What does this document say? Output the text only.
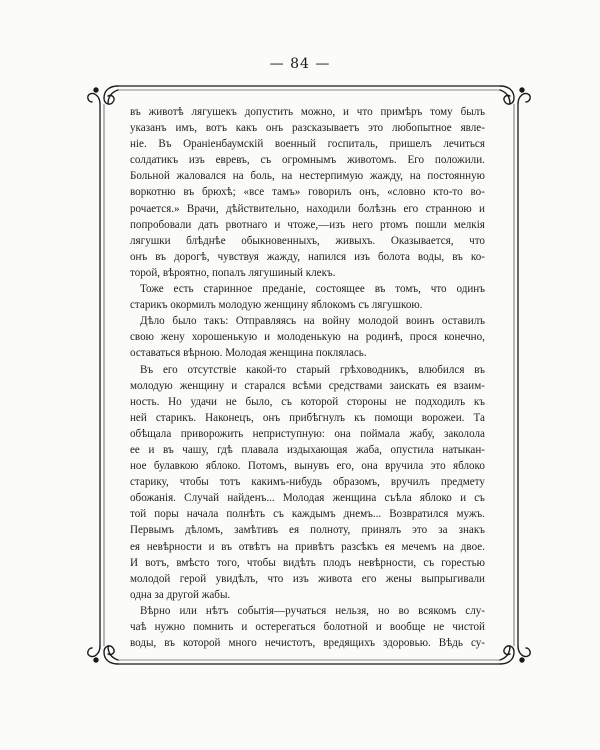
— 84 —
въ животѣ лягушекъ допустить можно, и что примѣръ тому былъ
указанъ имъ, вотъ какъ онъ разсказываетъ это любопытное явле-
ніе. Въ Ораніенбаумскій военный госпиталь, пришелъ лечиться
солдатикъ изъ евревъ, съ огромнымъ животомъ. Его положили.
Больной жаловался на боль, на нестерпимую жажду, на постоянную
воркотню въ брюхѣ; «все тамъ» говорилъ онъ, «словно кто-то во-
рочается.» Врачи, дѣйствительно, находили болѣзнь его странною и
попробовали дать рвотнаго и чтоже,—изъ него ртомъ пошли мелкія
лягушки блѣднѣе обыкновенныхъ, живыхъ. Оказывается, что
онъ въ дорогѣ, чувствуя жажду, напился изъ болота воды, въ ко-
торой, вѣроятно, попалъ лягушиный клекъ.
Тоже есть старинное преданіе, состоящее въ томъ, что одинъ
старикъ окормилъ молодую женщину яблокомъ съ лягушкою.
Дѣло было такъ: Отправляясь на войну молодой воинъ оставилъ
свою жену хорошенькую и молоденькую на родинѣ, прося конечно,
оставаться вѣрною. Молодая женщина поклялась.
Въ его отсутствіе какой-то старый грѣховодникъ, влюбился въ
молодую женщину и старался всѣми средствами заискать ея взаим-
ность. Но удачи не было, съ которой стороны не подходилъ къ
ней старикъ. Наконецъ, онъ прибѣгнулъ къ помощи ворожеи. Та
обѣщала приворожить неприступную: она поймала жабу, заколола
ее и въ чашу, гдѣ плавала издыхающая жаба, опустила натыкан-
ное булавкою яблоко. Потомъ, вынувъ его, она вручила это яблоко
старику, чтобы тотъ какимъ-нибудь образомъ, вручилъ предмету
обожанія. Случай найденъ... Молодая женщина съѣла яблоко и съ
той поры начала полнѣть съ каждымъ днемъ... Возвратился мужъ.
Первымъ дѣломъ, замѣтивъ ея полноту, принялъ это за знакъ
ея невѣрности и въ отвѣтъ на привѣтъ разсѣкъ ея мечемъ на двое.
И вотъ, вмѣсто того, чтобы видѣть плодъ невѣрности, съ горестью
молодой герой увидѣлъ, что изъ живота его жены выпрыгивали
одна за другой жабы.
Вѣрно или нѣтъ событія—ручаться нельзя, но во всякомъ слу-
чаѣ нужно помнить и остерегаться болотной и вообще не чистой
воды, въ которой много нечистотъ, вредящихъ здоровью. Вѣдь су-
